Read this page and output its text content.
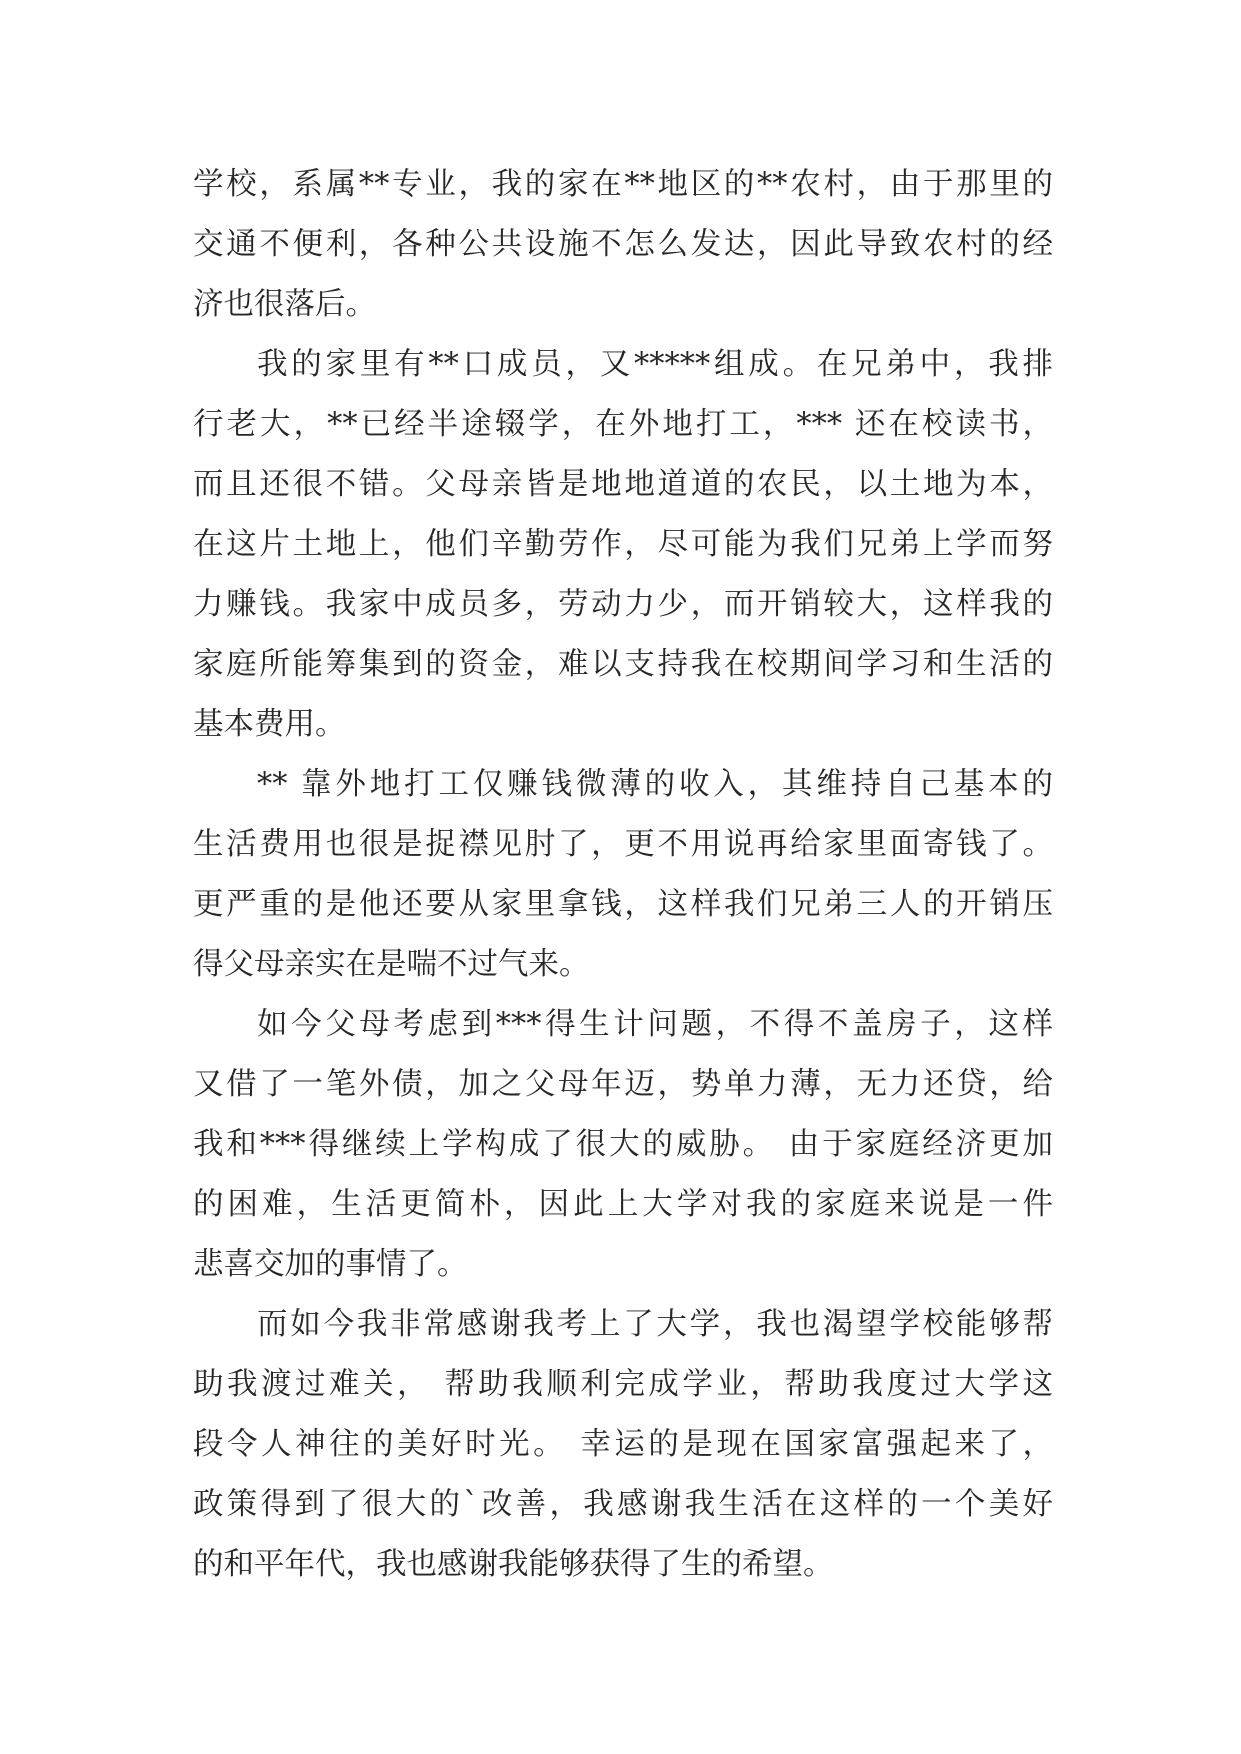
学校，系属**专业，我的家在**地区的**农村，由于那里的
交通不便利，各种公共设施不怎么发达，因此导致农村的经
济也很落后。
我的家里有**口成员，又*****组成。在兄弟中，我排
行老大，**已经半途辍学，在外地打工，*** 还在校读书，
而且还很不错。父母亲皆是地地道道的农民，以土地为本，
在这片土地上，他们辛勤劳作，尽可能为我们兄弟上学而努
力赚钱。我家中成员多，劳动力少，而开销较大，这样我的
家庭所能筹集到的资金，难以支持我在校期间学习和生活的
基本费用。
** 靠外地打工仅赚钱微薄的收入，其维持自己基本的
生活费用也很是捉襟见肘了，更不用说再给家里面寄钱了。
更严重的是他还要从家里拿钱，这样我们兄弟三人的开销压
得父母亲实在是喘不过气来。
如今父母考虑到***得生计问题，不得不盖房子，这样
又借了一笔外债，加之父母年迈，势单力薄，无力还贷，给
我和***得继续上学构成了很大的威胁。 由于家庭经济更加
的困难，生活更简朴，因此上大学对我的家庭来说是一件
悲喜交加的事情了。
而如今我非常感谢我考上了大学，我也渴望学校能够帮
助我渡过难关， 帮助我顺利完成学业，帮助我度过大学这
段令人神往的美好时光。 幸运的是现在国家富强起来了，
政策得到了很大的`改善，我感谢我生活在这样的一个美好
的和平年代，我也感谢我能够获得了生的希望。
